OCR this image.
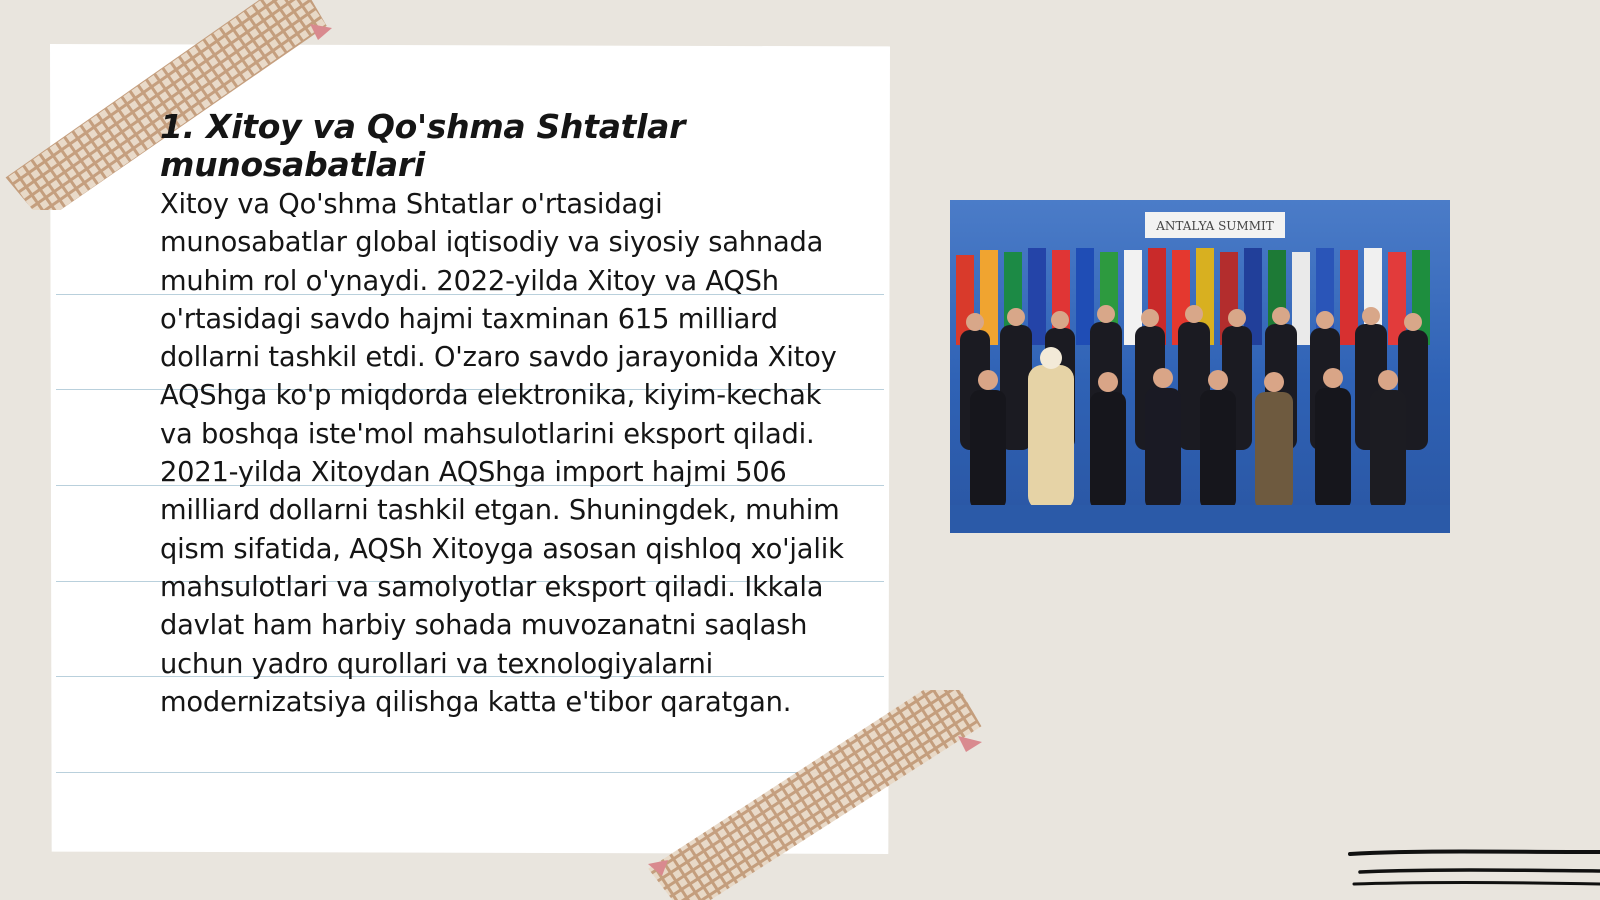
1. Xitoy va Qo'shma Shtatlar munosabatlari
Xitoy va Qo'shma Shtatlar o'rtasidagi munosabatlar global iqtisodiy va siyosiy sahnada muhim rol o'ynaydi. 2022-yilda Xitoy va AQSh o'rtasidagi savdo hajmi taxminan 615 milliard dollarni tashkil etdi. O'zaro savdo jarayonida Xitoy AQShga ko'p miqdorda elektronika, kiyim-kechak va boshqa iste'mol mahsulotlarini eksport qiladi. 2021-yilda Xitoydan AQShga import hajmi 506 milliard dollarni tashkil etgan. Shuningdek, muhim qism sifatida, AQSh Xitoyga asosan qishloq xo'jalik mahsulotlari va samolyotlar eksport qiladi. Ikkala davlat ham harbiy sohada muvozanatni saqlash uchun yadro qurollari va texnologiyalarni modernizatsiya qilishga katta e'tibor qaratgan.
ANTALYA SUMMIT
